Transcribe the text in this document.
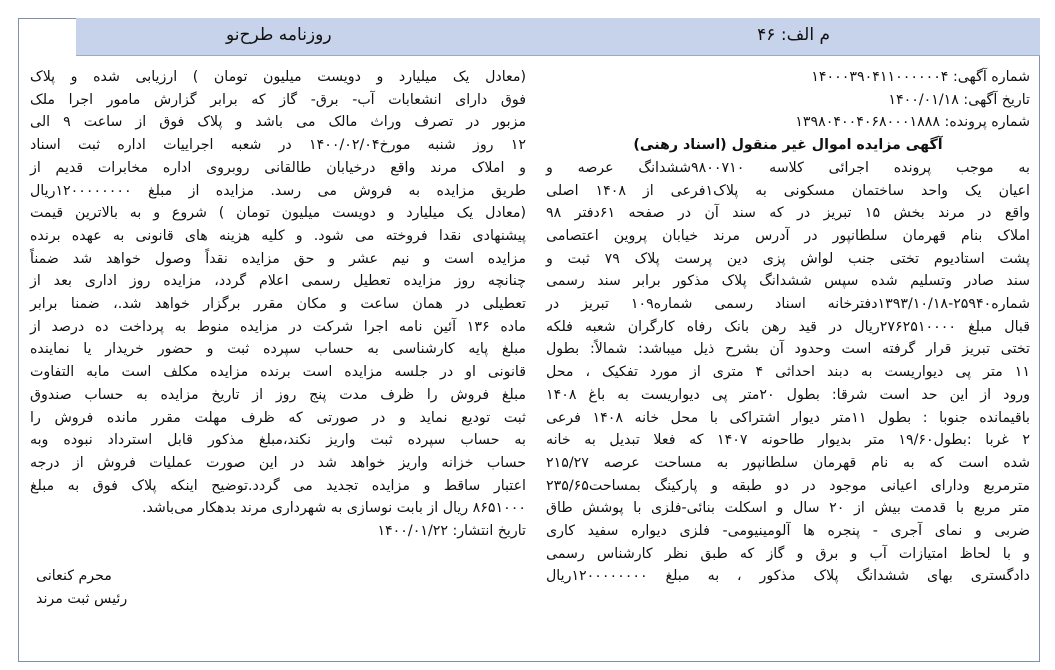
م الف: ۴۶
روزنامه طرح‌نو

شماره آگهی: ۱۴۰۰۰۳۹۰۴۱۱۰۰۰۰۰۰۴

تاریخ آگهی: ۱۴۰۰/۰۱/۱۸

شماره پرونده: ۱۳۹۸۰۴۰۰۴۰۶۸۰۰۰۱۸۸۸

آگهی مزایده اموال غیر منقول (اسناد رهنی)

به موجب پرونده اجرائی کلاسه ۹۸۰۰۷۱۰ششدانگ عرصه و

اعیان یک واحد ساختمان مسکونی به پلاک۱فرعی از ۱۴۰۸ اصلی

واقع در مرند بخش ۱۵ تبریز در که سند آن در صفحه ۶۱دفتر ۹۸

املاک بنام قهرمان سلطانپور در آدرس مرند خیابان پروین اعتصامی

پشت استادیوم تختی جنب لواش پزی دین پرست پلاک ۷۹ ثبت و

سند صادر وتسلیم شده سپس ششدانگ پلاک مذکور برابر سند رسمی

شماره۲۵۹۴۰-۱۳۹۳/۱۰/۱۸دفترخانه اسناد رسمی شماره۱۰۹ تبریز در

قبال مبلغ ۲۷۶۲۵۱۰۰۰۰ریال در قید رهن بانک رفاه کارگران شعبه فلکه

تختی تبریز قرار گرفته است وحدود آن بشرح ذیل میباشد: شمالاً: بطول

۱۱ متر پی دیواریست به دبند احداثی ۴ متری از مورد تفکیک ، محل

ورود از این حد است شرقا: بطول ۲۰متر پی دیواریست به باغ ۱۴۰۸

باقیمانده جنوبا : بطول ۱۱متر دیوار اشتراکی با محل خانه ۱۴۰۸ فرعی

۲ غربا :بطول۱۹/۶۰ متر بدیوار طاحونه ۱۴۰۷ که فعلا تبدیل به خانه

شده است که به نام قهرمان سلطانپور به مساحت عرصه ۲۱۵/۲۷

مترمربع ودارای اعیانی موجود در دو طبقه و پارکینگ بمساحت۲۳۵/۶۵

متر مربع با قدمت بیش از ۲۰ سال و اسکلت بنائی-فلزی با پوشش طاق

ضربی و نمای آجری - پنجره ها آلومینیومی- فلزی دیواره سفید کاری

و با لحاظ امتیازات آب و برق و گاز که طبق نظر کارشناس رسمی

دادگستری بهای ششدانگ پلاک مذکور ، به مبلغ ۱۲۰۰۰۰۰۰۰۰ریال

(معادل یک میلیارد و دویست میلیون تومان ) ارزیابی شده و پلاک

فوق دارای انشعابات آب- برق- گاز که برابر گزارش مامور اجرا ملک

مزبور در تصرف وراث مالک می باشد و پلاک فوق از ساعت ۹ الی

۱۲ روز شنبه مورخ۱۴۰۰/۰۲/۰۴ در شعبه اجراییات اداره ثبت اسناد

و املاک مرند واقع درخیابان طالقانی روبروی اداره مخابرات قدیم از

طریق مزایده به فروش می رسد. مزایده از مبلغ ۱۲۰۰۰۰۰۰۰۰ریال

(معادل یک میلیارد و دویست میلیون تومان ) شروع و به بالاترین قیمت

پیشنهادی نقدا فروخته می شود. و کلیه هزینه های قانونی به عهده برنده

مزایده است و نیم عشر و حق مزایده نقداً وصول خواهد شد ضمناً

چنانچه روز مزایده تعطیل رسمی اعلام گردد، مزایده روز اداری بعد از

تعطیلی در همان ساعت و مکان مقرر برگزار خواهد شد.، ضمنا برابر

ماده ۱۳۶ آئین نامه اجرا شرکت در مزایده منوط به پرداخت ده درصد از

مبلغ پایه کارشناسی به حساب سپرده ثبت و حضور خریدار یا نماینده

قانونی او در جلسه مزایده است برنده مزایده مکلف است مابه التفاوت

مبلغ فروش را ظرف مدت پنج روز از تاریخ مزایده به حساب صندوق

ثبت تودیع نماید و در صورتی که ظرف مهلت مقرر مانده فروش را

به حساب سپرده ثبت واریز نکند،مبلغ مذکور قابل استرداد نبوده وبه

حساب خزانه واریز خواهد شد در این صورت عملیات فروش از درجه

اعتبار ساقط و مزایده تجدید می گردد.توضیح اینکه پلاک فوق به مبلغ

۸۶۵۱۰۰۰ ریال از بابت نوسازی به شهرداری مرند بدهکار می‌باشد.

تاریخ انتشار: ۱۴۰۰/۰۱/۲۲

محرم کنعانی

رئیس ثبت مرند
